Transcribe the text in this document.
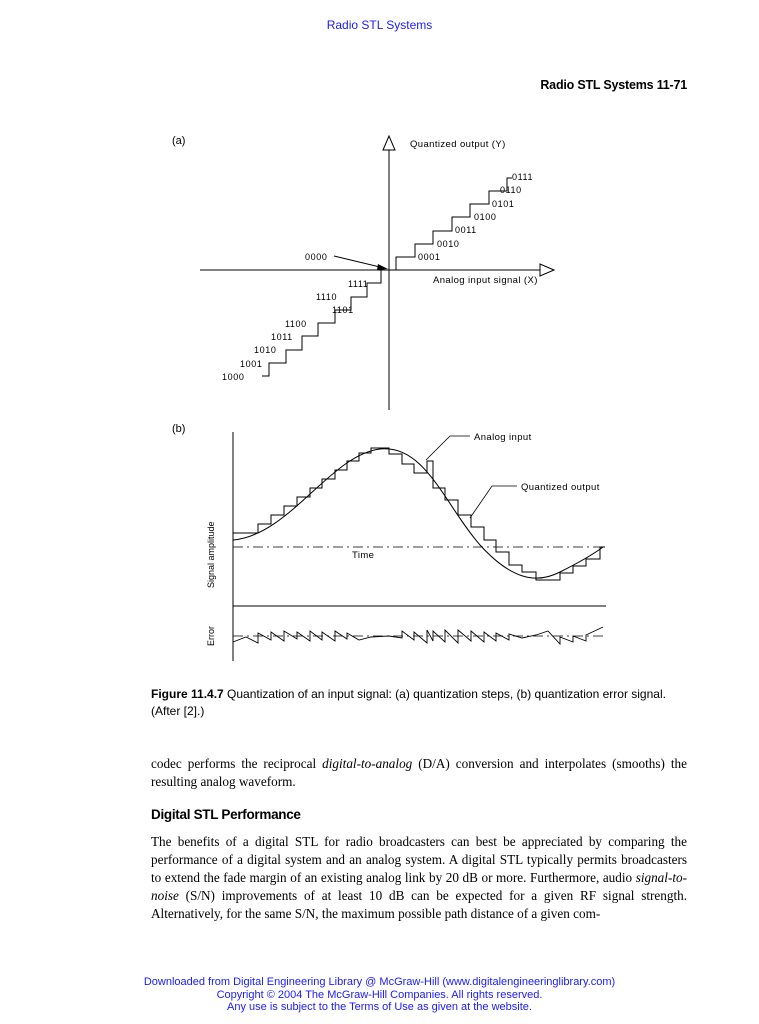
Radio STL Systems
Radio STL Systems 11-71
(a)	Quantized output (Y)
Analog input signal (X)
0000	0001
0010
0011
0100
0101
0110
0111
1111
1110
1101
1100
1011
1010
1001
1000
(b)
Analog input
Quantized output
Time
Signal amplitude
Error
Figure 11.4.7 Quantization of an input signal: (a) quantization steps, (b) quantization error signal. (After [2].)
codec performs the reciprocal digital-to-analog (D/A) conversion and interpolates (smooths) the resulting analog waveform.
Digital STL Performance
The benefits of a digital STL for radio broadcasters can best be appreciated by comparing the performance of a digital system and an analog system. A digital STL typically permits broadcasters to extend the fade margin of an existing analog link by 20 dB or more. Furthermore, audio signal-to-noise (S/N) improvements of at least 10 dB can be expected for a given RF signal strength. Alternatively, for the same S/N, the maximum possible path distance of a given com-
Downloaded from Digital Engineering Library @ McGraw-Hill (www.digitalengineeringlibrary.com)
Copyright © 2004 The McGraw-Hill Companies. All rights reserved.
Any use is subject to the Terms of Use as given at the website.
